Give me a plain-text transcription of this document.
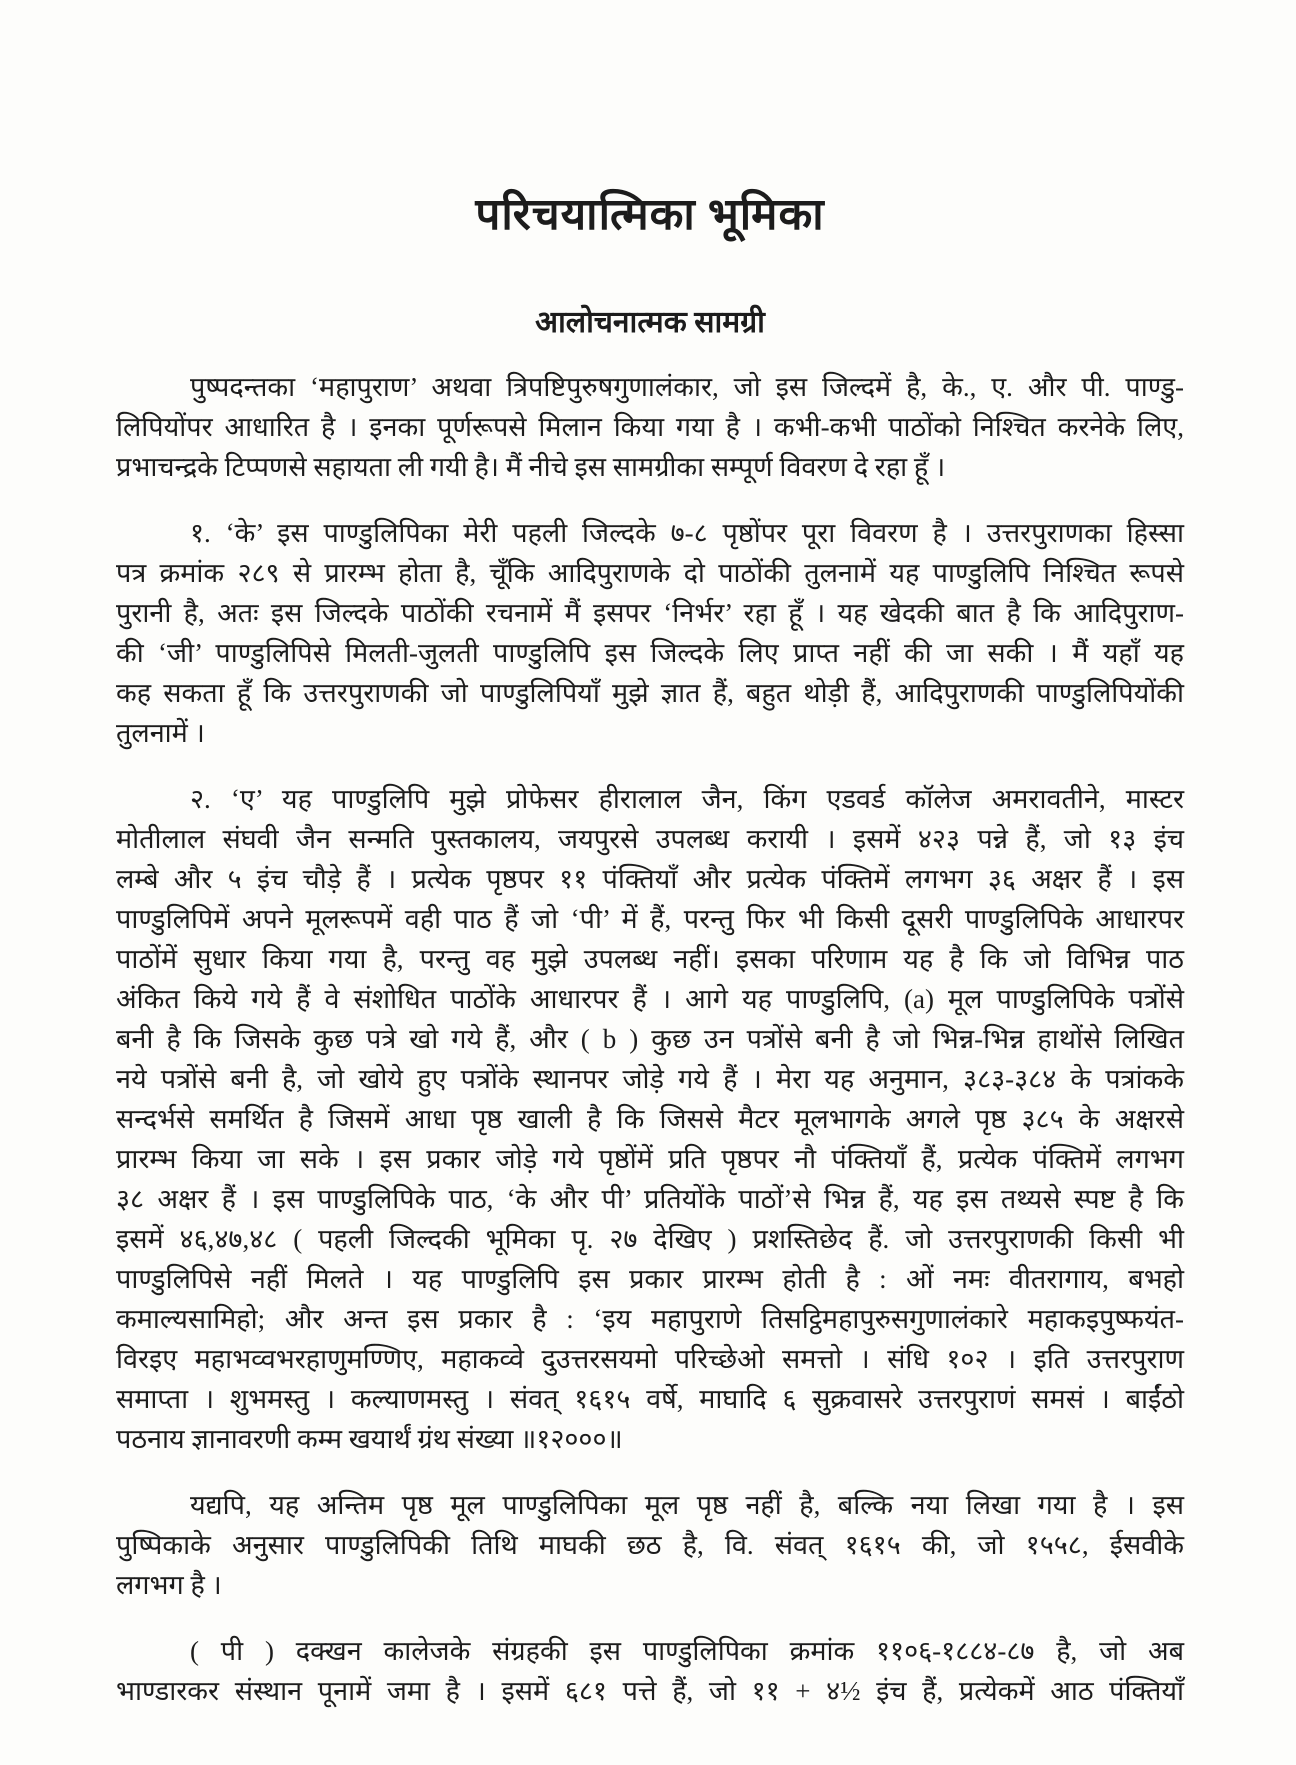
परिचयात्मिका भूमिका
आलोचनात्मक सामग्री
पुष्पदन्तका ‘महापुराण’ अथवा त्रिपष्टिपुरुषगुणालंकार, जो इस जिल्दमें है, के., ए. और पी. पाण्डु-
लिपियोंपर आधारित है । इनका पूर्णरूपसे मिलान किया गया है । कभी-कभी पाठोंको निश्चित करनेके लिए,
प्रभाचन्द्रके टिप्पणसे सहायता ली गयी है। मैं नीचे इस सामग्रीका सम्पूर्ण विवरण दे रहा हूँ ।
१. ‘के’ इस पाण्डुलिपिका मेरी पहली जिल्दके ७-८ पृष्ठोंपर पूरा विवरण है । उत्तरपुराणका हिस्सा
पत्र क्रमांक २८९ से प्रारम्भ होता है, चूँकि आदिपुराणके दो पाठोंकी तुलनामें यह पाण्डुलिपि निश्चित रूपसे
पुरानी है, अतः इस जिल्दके पाठोंकी रचनामें मैं इसपर ‘निर्भर’ रहा हूँ । यह खेदकी बात है कि आदिपुराण-
की ‘जी’ पाण्डुलिपिसे मिलती-जुलती पाण्डुलिपि इस जिल्दके लिए प्राप्त नहीं की जा सकी । मैं यहाँ यह
कह सकता हूँ कि उत्तरपुराणकी जो पाण्डुलिपियाँ मुझे ज्ञात हैं, बहुत थोड़ी हैं, आदिपुराणकी पाण्डुलिपियोंकी
तुलनामें ।
२. ‘ए’ यह पाण्डुलिपि मुझे प्रोफेसर हीरालाल जैन, किंग एडवर्ड कॉलेज अमरावतीने, मास्टर
मोतीलाल संघवी जैन सन्मति पुस्तकालय, जयपुरसे उपलब्ध करायी । इसमें ४२३ पन्ने हैं, जो १३ इंच
लम्बे और ५ इंच चौड़े हैं । प्रत्येक पृष्ठपर ११ पंक्तियाँ और प्रत्येक पंक्तिमें लगभग ३६ अक्षर हैं । इस
पाण्डुलिपिमें अपने मूलरूपमें वही पाठ हैं जो ‘पी’ में हैं, परन्तु फिर भी किसी दूसरी पाण्डुलिपिके आधारपर
पाठोंमें सुधार किया गया है, परन्तु वह मुझे उपलब्ध नहीं। इसका परिणाम यह है कि जो विभिन्न पाठ
अंकित किये गये हैं वे संशोधित पाठोंके आधारपर हैं । आगे यह पाण्डुलिपि, (a) मूल पाण्डुलिपिके पत्रोंसे
बनी है कि जिसके कुछ पत्रे खो गये हैं, और ( b ) कुछ उन पत्रोंसे बनी है जो भिन्न-भिन्न हाथोंसे लिखित
नये पत्रोंसे बनी है, जो खोये हुए पत्रोंके स्थानपर जोड़े गये हैं । मेरा यह अनुमान, ३८३-३८४ के पत्रांकके
सन्दर्भसे समर्थित है जिसमें आधा पृष्ठ खाली है कि जिससे मैटर मूलभागके अगले पृष्ठ ३८५ के अक्षरसे
प्रारम्भ किया जा सके । इस प्रकार जोड़े गये पृष्ठोंमें प्रति पृष्ठपर नौ पंक्तियाँ हैं, प्रत्येक पंक्तिमें लगभग
३८ अक्षर हैं । इस पाण्डुलिपिके पाठ, ‘के और पी’ प्रतियोंके पाठों’से भिन्न हैं, यह इस तथ्यसे स्पष्ट है कि
इसमें ४६,४७,४८ ( पहली जिल्दकी भूमिका पृ. २७ देखिए ) प्रशस्तिछेद हैं. जो उत्तरपुराणकी किसी भी
पाण्डुलिपिसे नहीं मिलते । यह पाण्डुलिपि इस प्रकार प्रारम्भ होती है : ओं नमः वीतरागाय, बभहो
कमाल्यसामिहो; और अन्त इस प्रकार है : ‘इय महापुराणे तिसट्ठिमहापुरुसगुणालंकारे महाकइपुष्फयंत-
विरइए महाभव्वभरहाणुमण्णिए, महाकव्वे दुउत्तरसयमो परिच्छेओ समत्तो । संधि १०२ । इति उत्तरपुराण
समाप्ता । शुभमस्तु । कल्याणमस्तु । संवत् १६१५ वर्षे, माघादि ६ सुक्रवासरे उत्तरपुराणं समसं । बाईंठो
पठनाय ज्ञानावरणी कम्म खयार्थं ग्रंथ संख्या ॥१२०००॥
यद्यपि, यह अन्तिम पृष्ठ मूल पाण्डुलिपिका मूल पृष्ठ नहीं है, बल्कि नया लिखा गया है । इस
पुष्पिकाके अनुसार पाण्डुलिपिकी तिथि माघकी छठ है, वि. संवत् १६१५ की, जो १५५८, ईसवीके
लगभग है ।
( पी ) दक्खन कालेजके संग्रहकी इस पाण्डुलिपिका क्रमांक ११०६-१८८४-८७ है, जो अब
भाण्डारकर संस्थान पूनामें जमा है । इसमें ६८१ पत्ते हैं, जो ११ + ४½ इंच हैं, प्रत्येकमें आठ पंक्तियाँ
